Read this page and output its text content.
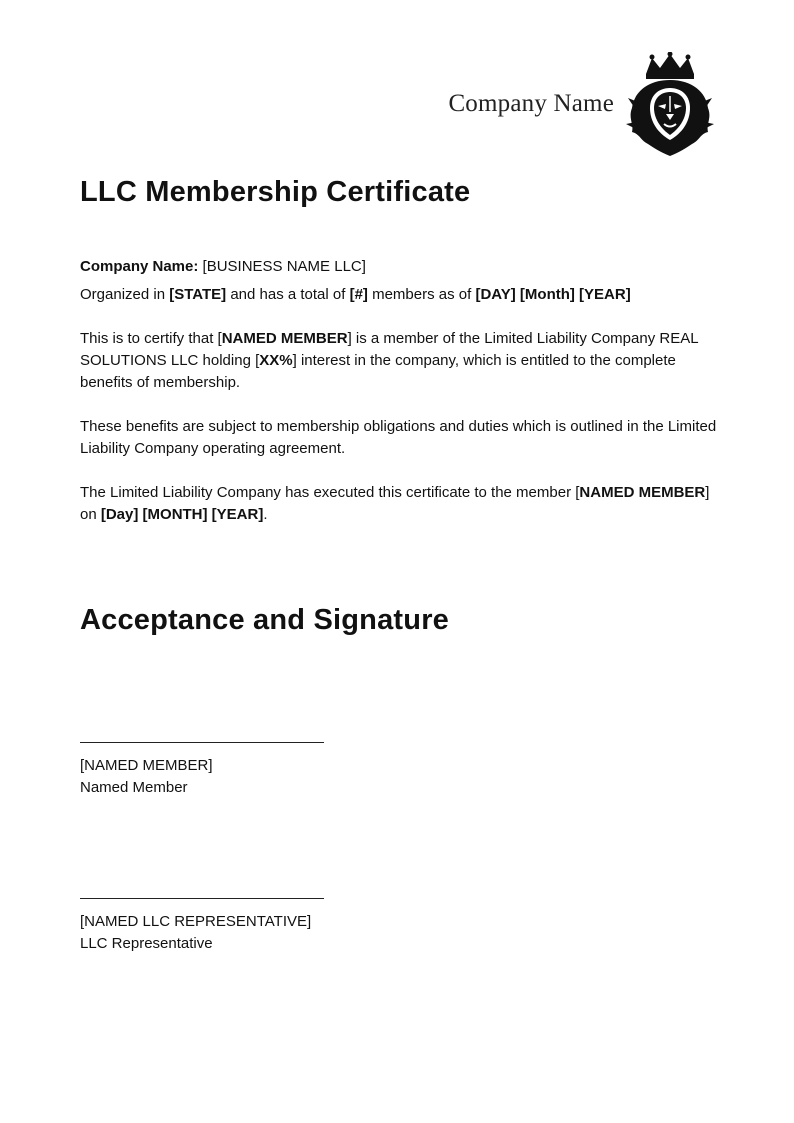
Company Name
LLC Membership Certificate

Company Name: [BUSINESS NAME LLC]

Organized in [STATE] and has a total of [#] members as of [DAY] [Month] [YEAR]

This is to certify that [NAMED MEMBER] is a member of the Limited Liability Company REAL SOLUTIONS LLC holding [XX%] interest in the company, which is entitled to the complete benefits of membership.

These benefits are subject to membership obligations and duties which is outlined in the Limited Liability Company operating agreement.

The Limited Liability Company has executed this certificate to the member [NAMED MEMBER] on [Day] [MONTH] [YEAR].

Acceptance and Signature

[NAMED MEMBER]

Named Member

[NAMED LLC REPRESENTATIVE]

LLC Representative
